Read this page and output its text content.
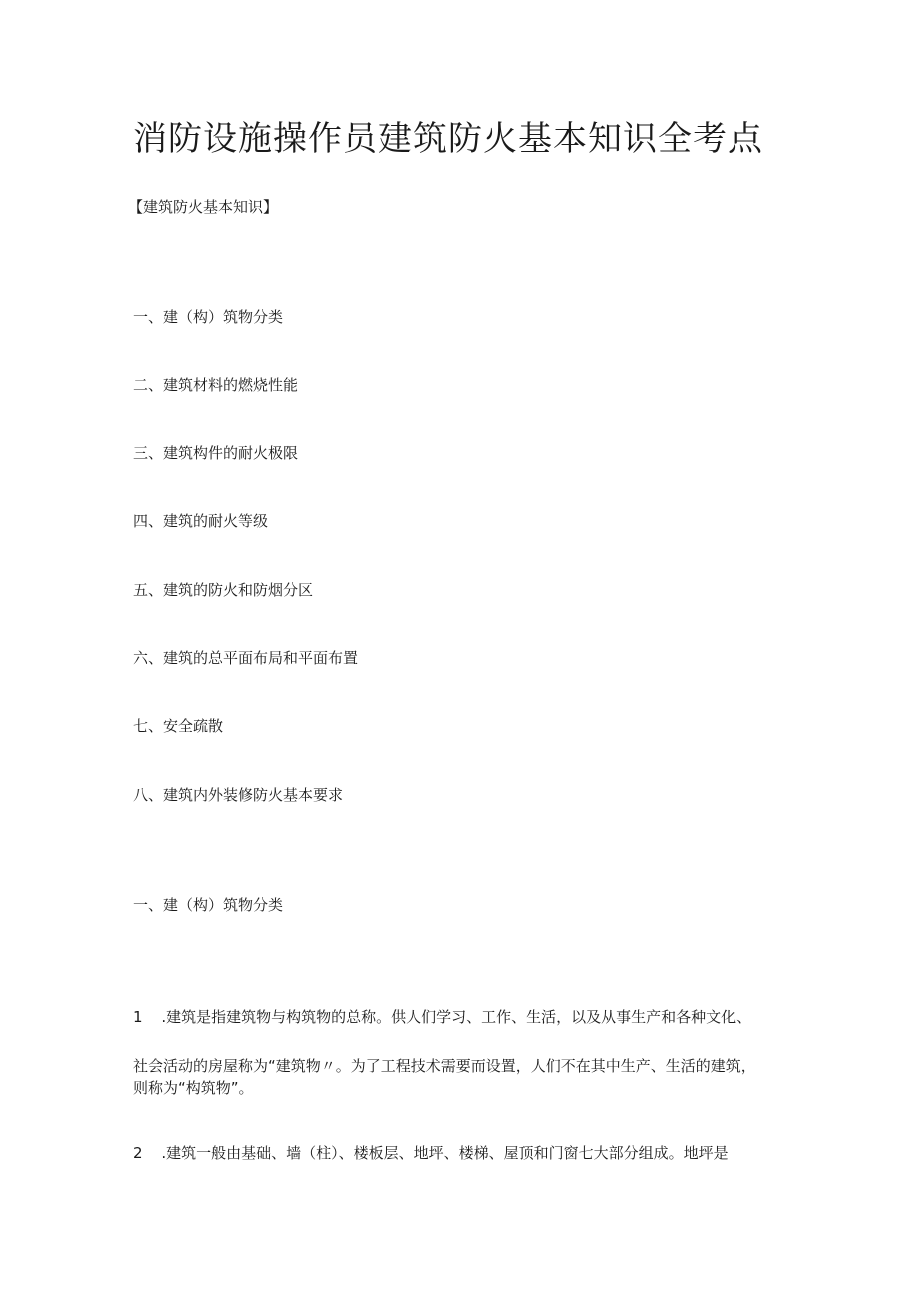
消防设施操作员建筑防火基本知识全考点
【建筑防火基本知识】
一、建（构）筑物分类
二、建筑材料的燃烧性能
三、建筑构件的耐火极限
四、建筑的耐火等级
五、建筑的防火和防烟分区
六、建筑的总平面布局和平面布置
七、安全疏散
八、建筑内外装修防火基本要求
一、建（构）筑物分类
1 .建筑是指建筑物与构筑物的总称。供人们学习、工作、生活，以及从事生产和各种文化、
社会活动的房屋称为“建筑物〃。为了工程技术需要而设置，人们不在其中生产、生活的建筑，
则称为“构筑物”。
2 .建筑一般由基础、墙（柱）、楼板层、地坪、楼梯、屋顶和门窗七大部分组成。地坪是
